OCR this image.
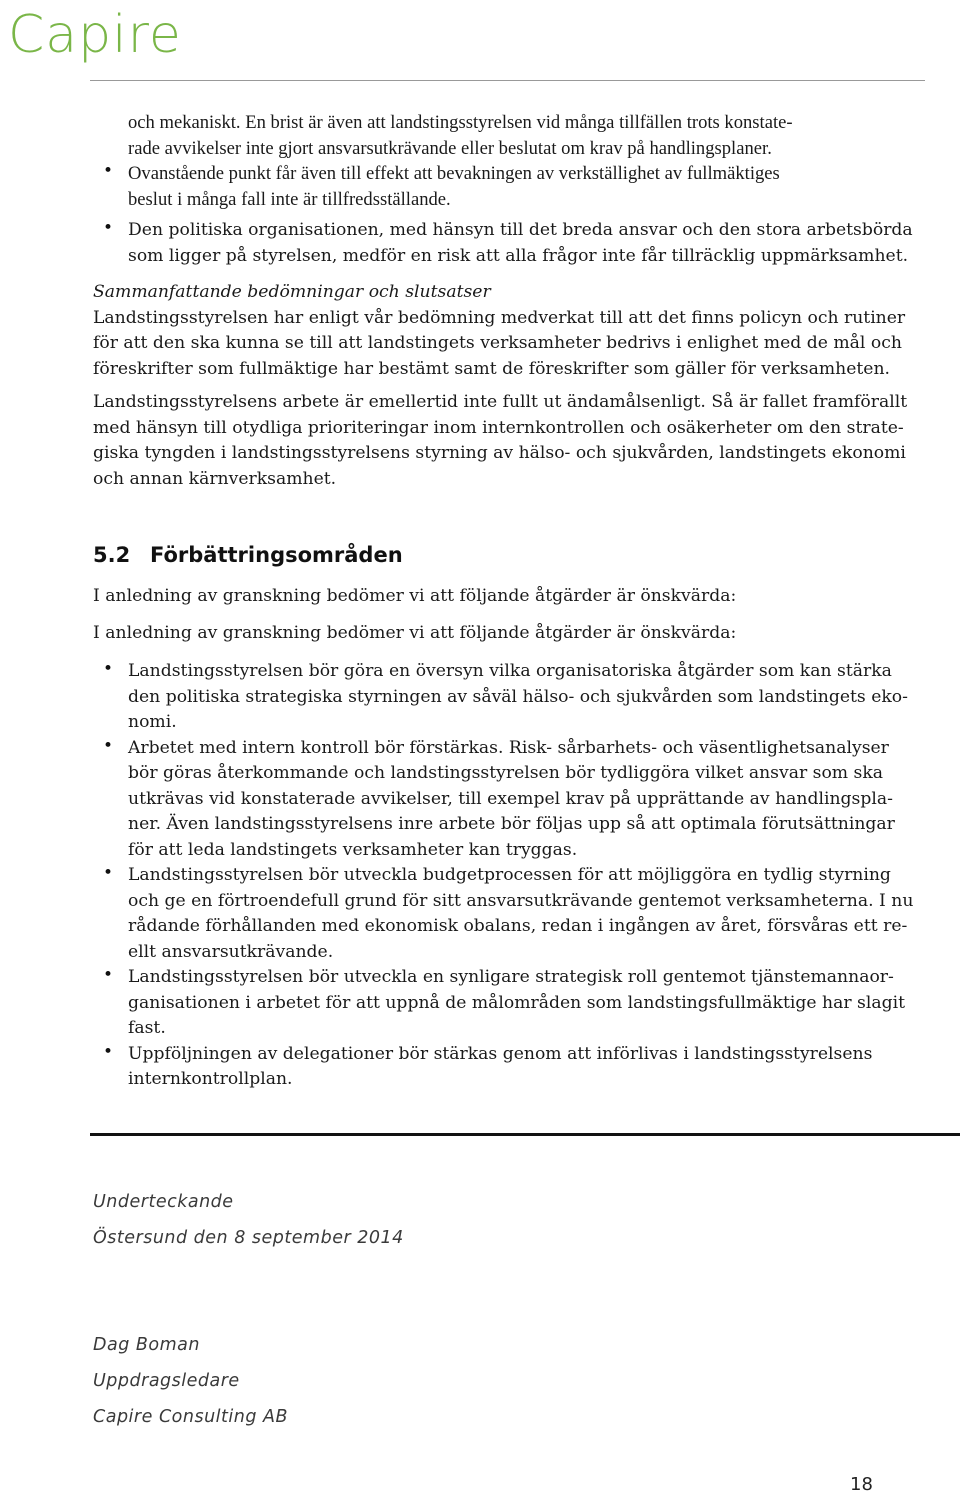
Capire

och mekaniskt. En brist är även att landstingsstyrelsen vid många tillfällen trots konstate-

rade avvikelser inte gjort ansvarsutkrävande eller beslutat om krav på handlingsplaner.

• Ovanstående punkt får även till effekt att bevakningen av verkställighet av fullmäktiges

beslut i många fall inte är tillfredsställande.

• Den politiska organisationen, med hänsyn till det breda ansvar och den stora arbetsbörda

som ligger på styrelsen, medför en risk att alla frågor inte får tillräcklig uppmärksamhet.

Sammanfattande bedömningar och slutsatser

Landstingsstyrelsen har enligt vår bedömning medverkat till att det finns policyn och rutiner

för att den ska kunna se till att landstingets verksamheter bedrivs i enlighet med de mål och

föreskrifter som fullmäktige har bestämt samt de föreskrifter som gäller för verksamheten.

Landstingsstyrelsens arbete är emellertid inte fullt ut ändamålsenligt. Så är fallet framförallt

med hänsyn till otydliga prioriteringar inom internkontrollen och osäkerheter om den strate-

giska tyngden i landstingsstyrelsens styrning av hälso- och sjukvården, landstingets ekonomi

och annan kärnverksamhet.

5.2 Förbättringsområden

I anledning av granskning bedömer vi att följande åtgärder är önskvärda:

I anledning av granskning bedömer vi att följande åtgärder är önskvärda:

• Landstingsstyrelsen bör göra en översyn vilka organisatoriska åtgärder som kan stärka

den politiska strategiska styrningen av såväl hälso- och sjukvården som landstingets eko-

nomi.

• Arbetet med intern kontroll bör förstärkas. Risk- sårbarhets- och väsentlighetsanalyser

bör göras återkommande och landstingsstyrelsen bör tydliggöra vilket ansvar som ska

utkrävas vid konstaterade avvikelser, till exempel krav på upprättande av handlingspla-

ner. Även landstingsstyrelsens inre arbete bör följas upp så att optimala förutsättningar

för att leda landstingets verksamheter kan tryggas.

• Landstingsstyrelsen bör utveckla budgetprocessen för att möjliggöra en tydlig styrning

och ge en förtroendefull grund för sitt ansvarsutkrävande gentemot verksamheterna. I nu

rådande förhållanden med ekonomisk obalans, redan i ingången av året, försvåras ett re-

ellt ansvarsutkrävande.

• Landstingsstyrelsen bör utveckla en synligare strategisk roll gentemot tjänstemannaor-

ganisationen i arbetet för att uppnå de målområden som landstingsfullmäktige har slagit

fast.

• Uppföljningen av delegationer bör stärkas genom att införlivas i landstingsstyrelsens

internkontrollplan.

Underteckande
Östersund den 8 september 2014
Dag Boman
Uppdragsledare
Capire Consulting AB
18
